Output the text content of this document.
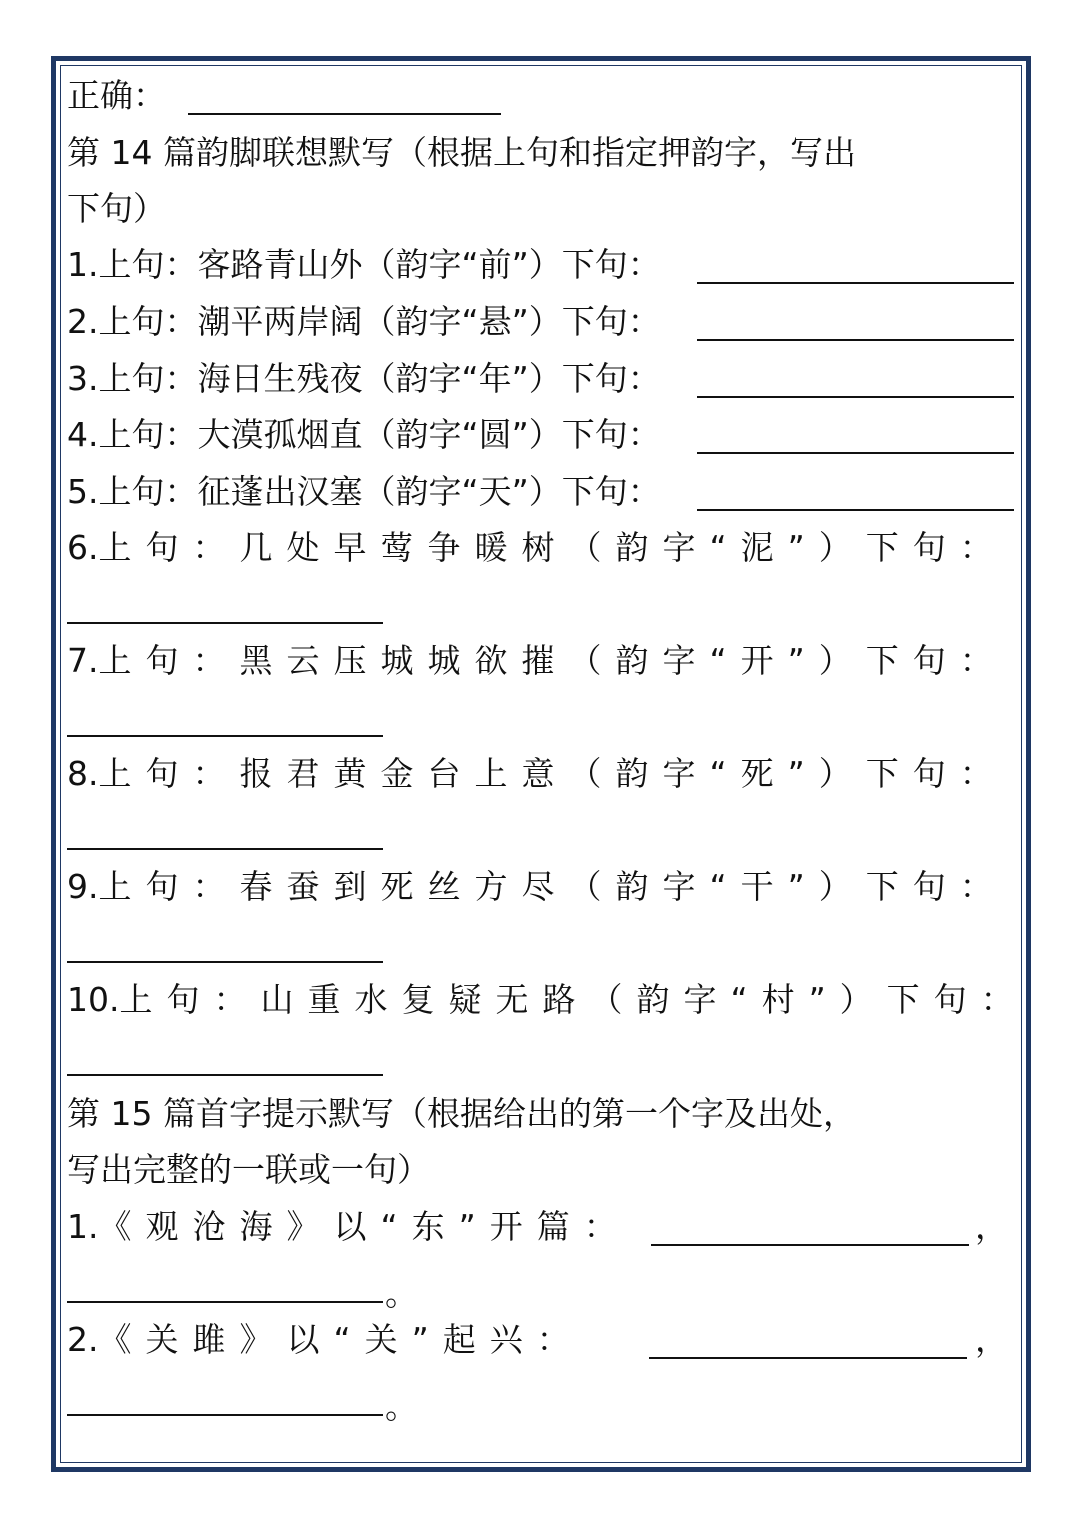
正确：
第 14 篇韵脚联想默写（根据上句和指定押韵字，写出
下句）
1.上句：客路青山外（韵字“前”）下句：
2.上句：潮平两岸阔（韵字“悬”）下句：
3.上句：海日生残夜（韵字“年”）下句：
4.上句：大漠孤烟直（韵字“圆”）下句：
5.上句：征蓬出汉塞（韵字“天”）下句：
6.上句：几处早莺争暖树（韵字“泥”）下句：
7.上句：黑云压城城欲摧（韵字“开”）下句：
8.上句：报君黄金台上意（韵字“死”）下句：
9.上句：春蚕到死丝方尽（韵字“干”）下句：
10.上句：山重水复疑无路（韵字“村”）下句：
第 15 篇首字提示默写（根据给出的第一个字及出处，
写出完整的一联或一句）
1.《观沧海》以“东”开篇：	，
。
2.《关雎》以“关”起兴：	，
。
